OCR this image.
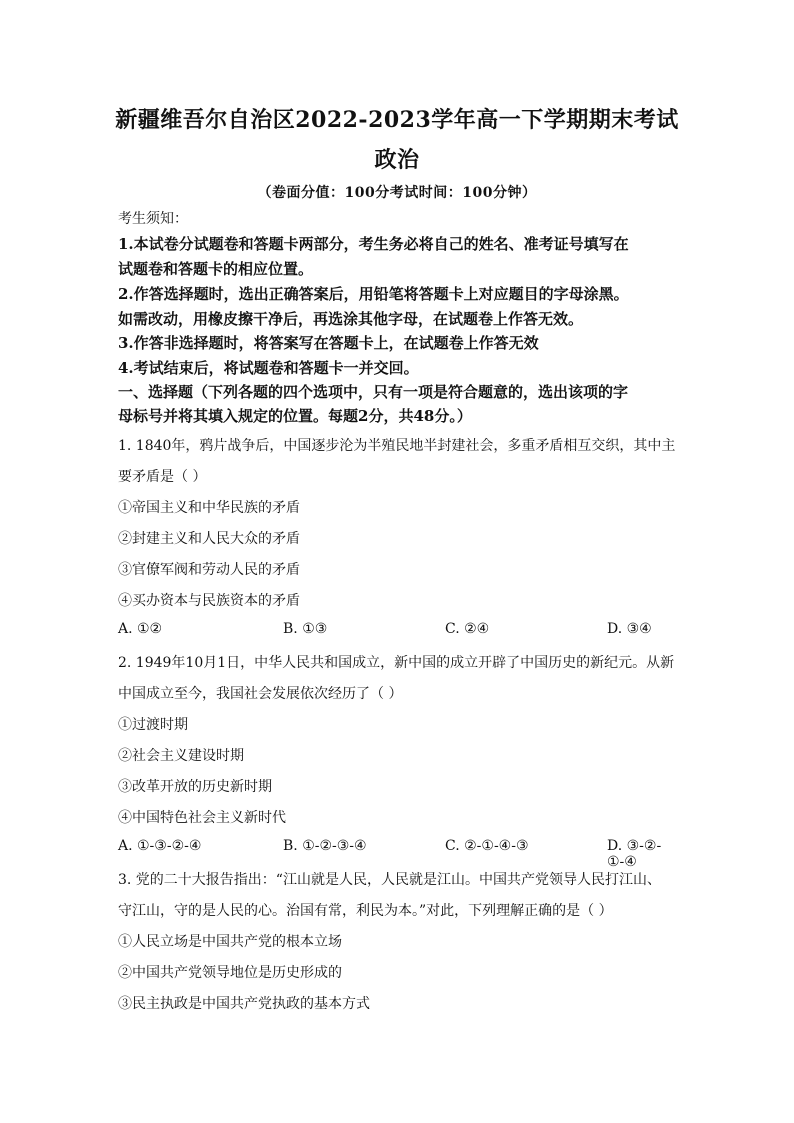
新疆维吾尔自治区2022-2023学年高一下学期期末考试
政治
（卷面分值：100分考试时间：100分钟）
考生须知：
1.本试卷分试题卷和答题卡两部分，考生务必将自己的姓名、准考证号填写在
试题卷和答题卡的相应位置。
2.作答选择题时，选出正确答案后，用铅笔将答题卡上对应题目的字母涂黑。
如需改动，用橡皮擦干净后，再选涂其他字母，在试题卷上作答无效。
3.作答非选择题时，将答案写在答题卡上，在试题卷上作答无效
4.考试结束后，将试题卷和答题卡一并交回。
一、选择题（下列各题的四个选项中，只有一项是符合题意的，选出该项的字
母标号并将其填入规定的位置。每题2分，共48分。）
1. 1840年，鸦片战争后，中国逐步沦为半殖民地半封建社会，多重矛盾相互交织，其中主
要矛盾是（ ）
①帝国主义和中华民族的矛盾
②封建主义和人民大众的矛盾
③官僚军阀和劳动人民的矛盾
④买办资本与民族资本的矛盾
A. ①②	B. ①③	C. ②④	D. ③④
2. 1949年10月1日，中华人民共和国成立，新中国的成立开辟了中国历史的新纪元。从新
中国成立至今，我国社会发展依次经历了（ ）
①过渡时期
②社会主义建设时期
③改革开放的历史新时期
④中国特色社会主义新时代
A. ①-③-②-④	B. ①-②-③-④	C. ②-①-④-③	D. ③-②-①-④
3. 党的二十大报告指出：“江山就是人民，人民就是江山。中国共产党领导人民打江山、
守江山，守的是人民的心。治国有常，利民为本。”对此，下列理解正确的是（ ）
①人民立场是中国共产党的根本立场
②中国共产党领导地位是历史形成的
③民主执政是中国共产党执政的基本方式
